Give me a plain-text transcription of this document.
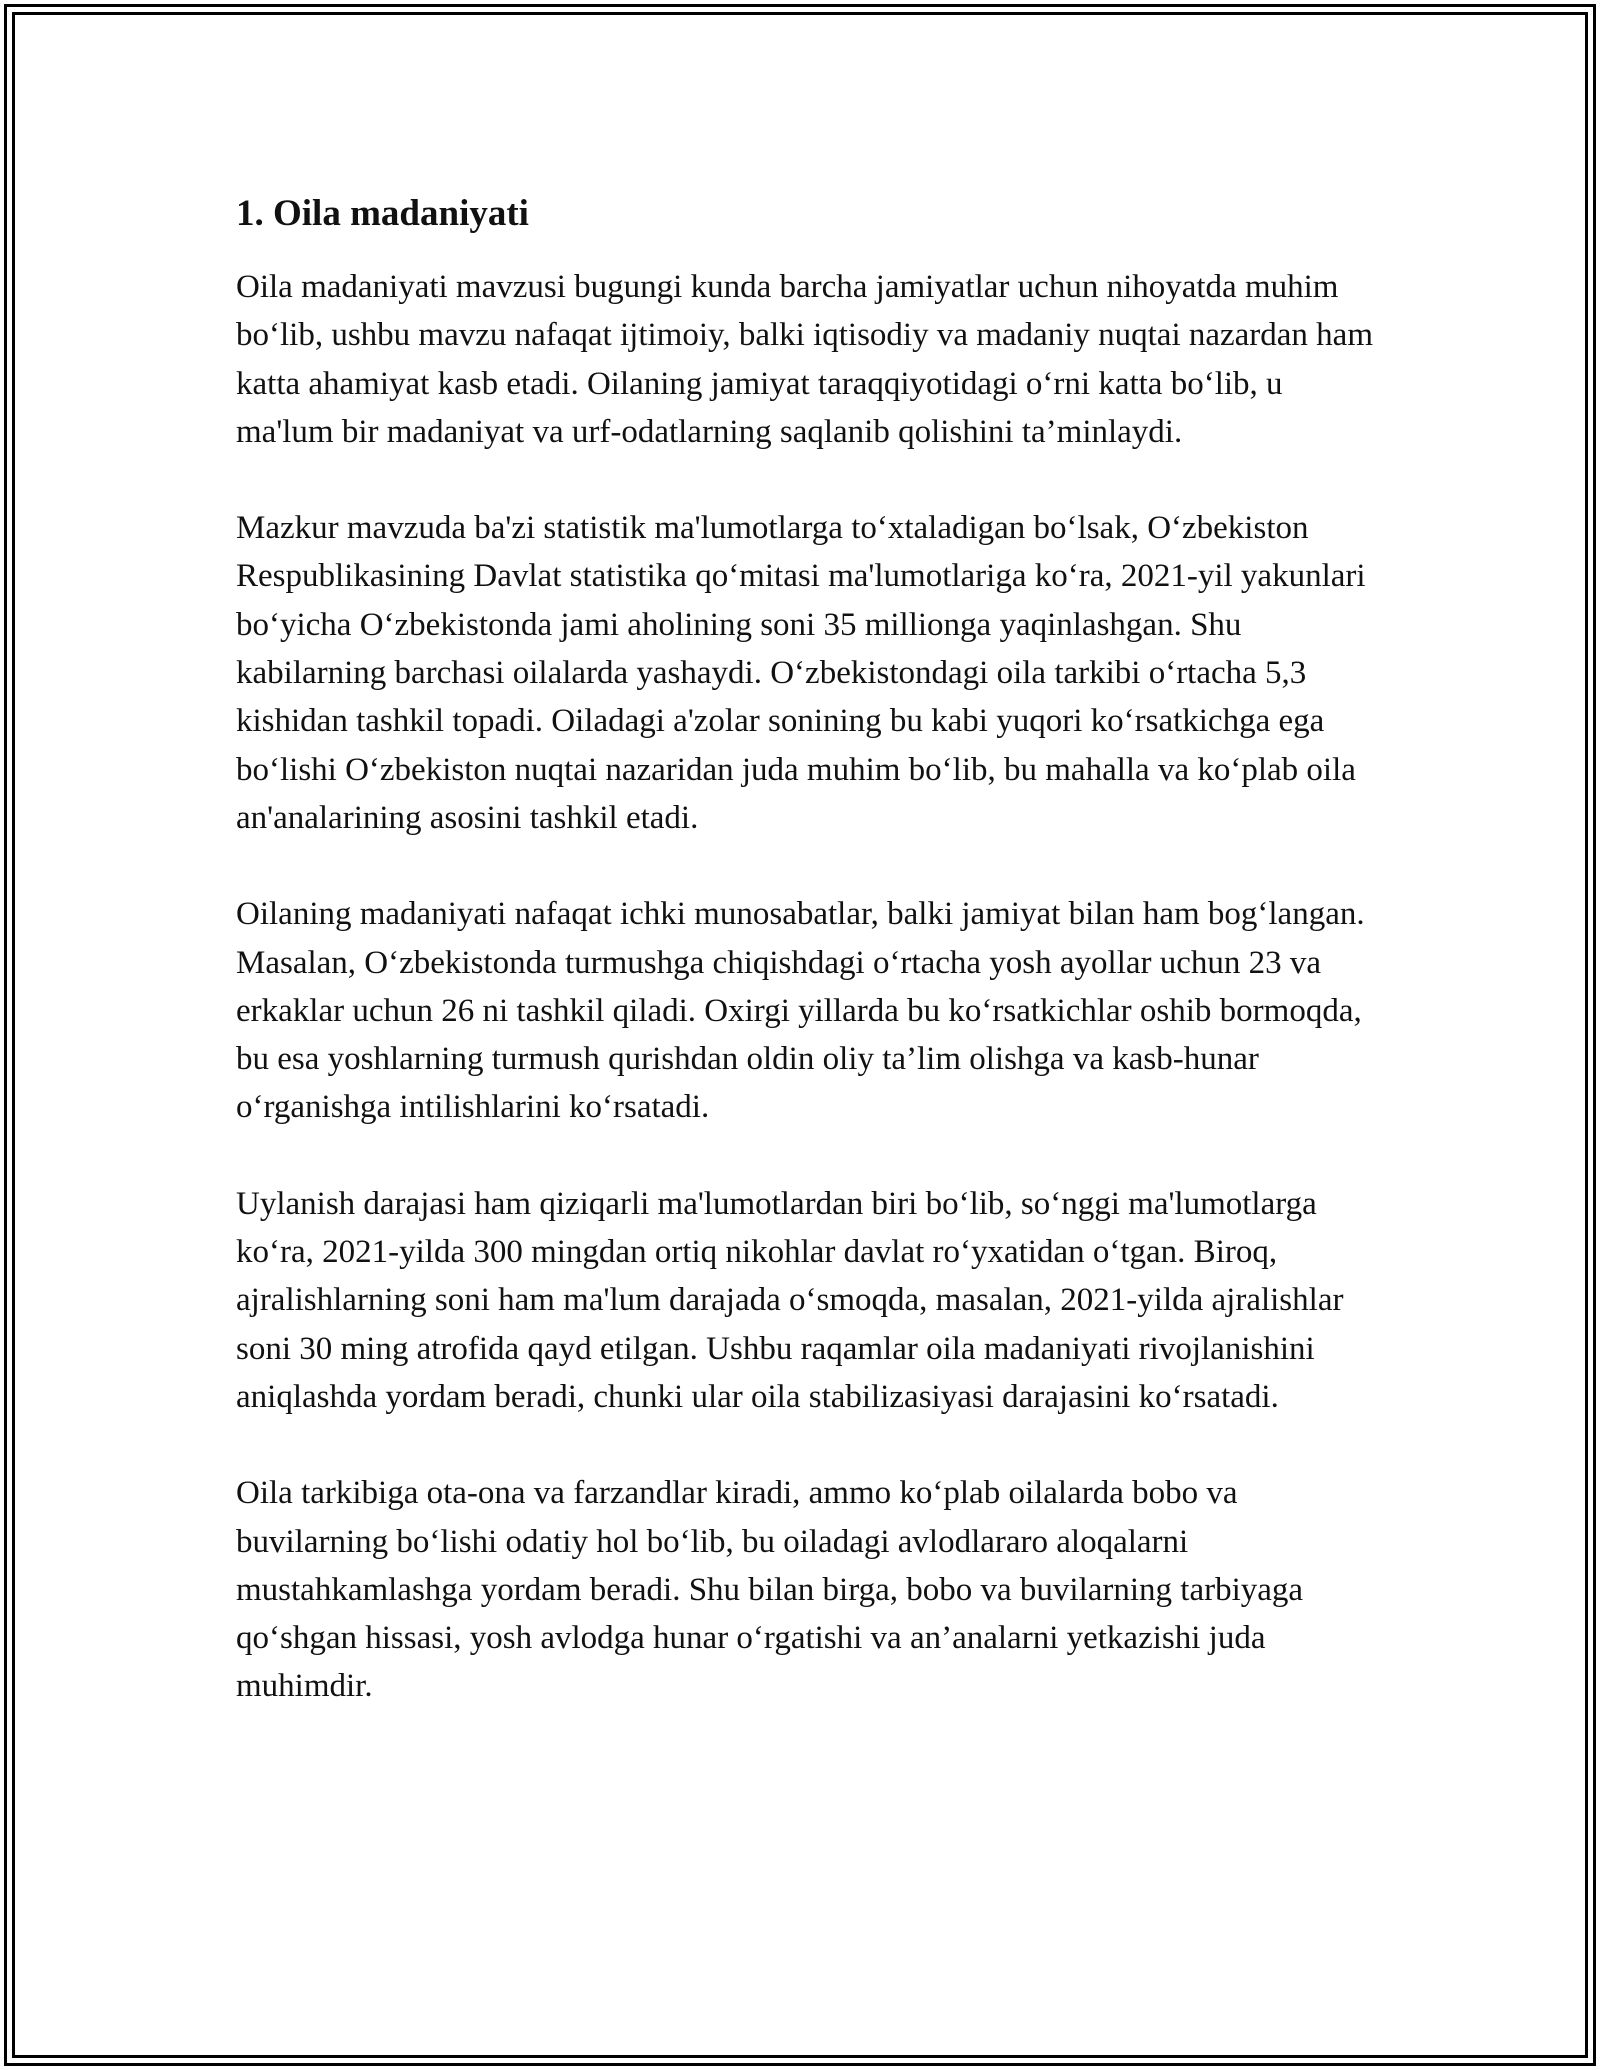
1. Oila madaniyati

Oila madaniyati mavzusi bugungi kunda barcha jamiyatlar uchun nihoyatda muhim bo‘lib, ushbu mavzu nafaqat ijtimoiy, balki iqtisodiy va madaniy nuqtai nazardan ham katta ahamiyat kasb etadi. Oilaning jamiyat taraqqiyotidagi o‘rni katta bo‘lib, u ma'lum bir madaniyat va urf-odatlarning saqlanib qolishini ta’minlaydi.

Mazkur mavzuda ba'zi statistik ma'lumotlarga to‘xtaladigan bo‘lsak, O‘zbekiston Respublikasining Davlat statistika qo‘mitasi ma'lumotlariga ko‘ra, 2021-yil yakunlari bo‘yicha O‘zbekistonda jami aholining soni 35 millionga yaqinlashgan. Shu kabilarning barchasi oilalarda yashaydi. O‘zbekistondagi oila tarkibi o‘rtacha 5,3 kishidan tashkil topadi. Oiladagi a'zolar sonining bu kabi yuqori ko‘rsatkichga ega bo‘lishi O‘zbekiston nuqtai nazaridan juda muhim bo‘lib, bu mahalla va ko‘plab oila an'analarining asosini tashkil etadi.

Oilaning madaniyati nafaqat ichki munosabatlar, balki jamiyat bilan ham bog‘langan. Masalan, O‘zbekistonda turmushga chiqishdagi o‘rtacha yosh ayollar uchun 23 va erkaklar uchun 26 ni tashkil qiladi. Oxirgi yillarda bu ko‘rsatkichlar oshib bormoqda, bu esa yoshlarning turmush qurishdan oldin oliy ta’lim olishga va kasb-hunar o‘rganishga intilishlarini ko‘rsatadi.

Uylanish darajasi ham qiziqarli ma'lumotlardan biri bo‘lib, so‘nggi ma'lumotlarga ko‘ra, 2021-yilda 300 mingdan ortiq nikohlar davlat ro‘yxatidan o‘tgan. Biroq, ajralishlarning soni ham ma'lum darajada o‘smoqda, masalan, 2021-yilda ajralishlar soni 30 ming atrofida qayd etilgan. Ushbu raqamlar oila madaniyati rivojlanishini aniqlashda yordam beradi, chunki ular oila stabilizasiyasi darajasini ko‘rsatadi.

Oila tarkibiga ota-ona va farzandlar kiradi, ammo ko‘plab oilalarda bobo va buvilarning bo‘lishi odatiy hol bo‘lib, bu oiladagi avlodlararo aloqalarni mustahkamlashga yordam beradi. Shu bilan birga, bobo va buvilarning tarbiyaga qo‘shgan hissasi, yosh avlodga hunar o‘rgatishi va an’analarni yetkazishi juda muhimdir.
